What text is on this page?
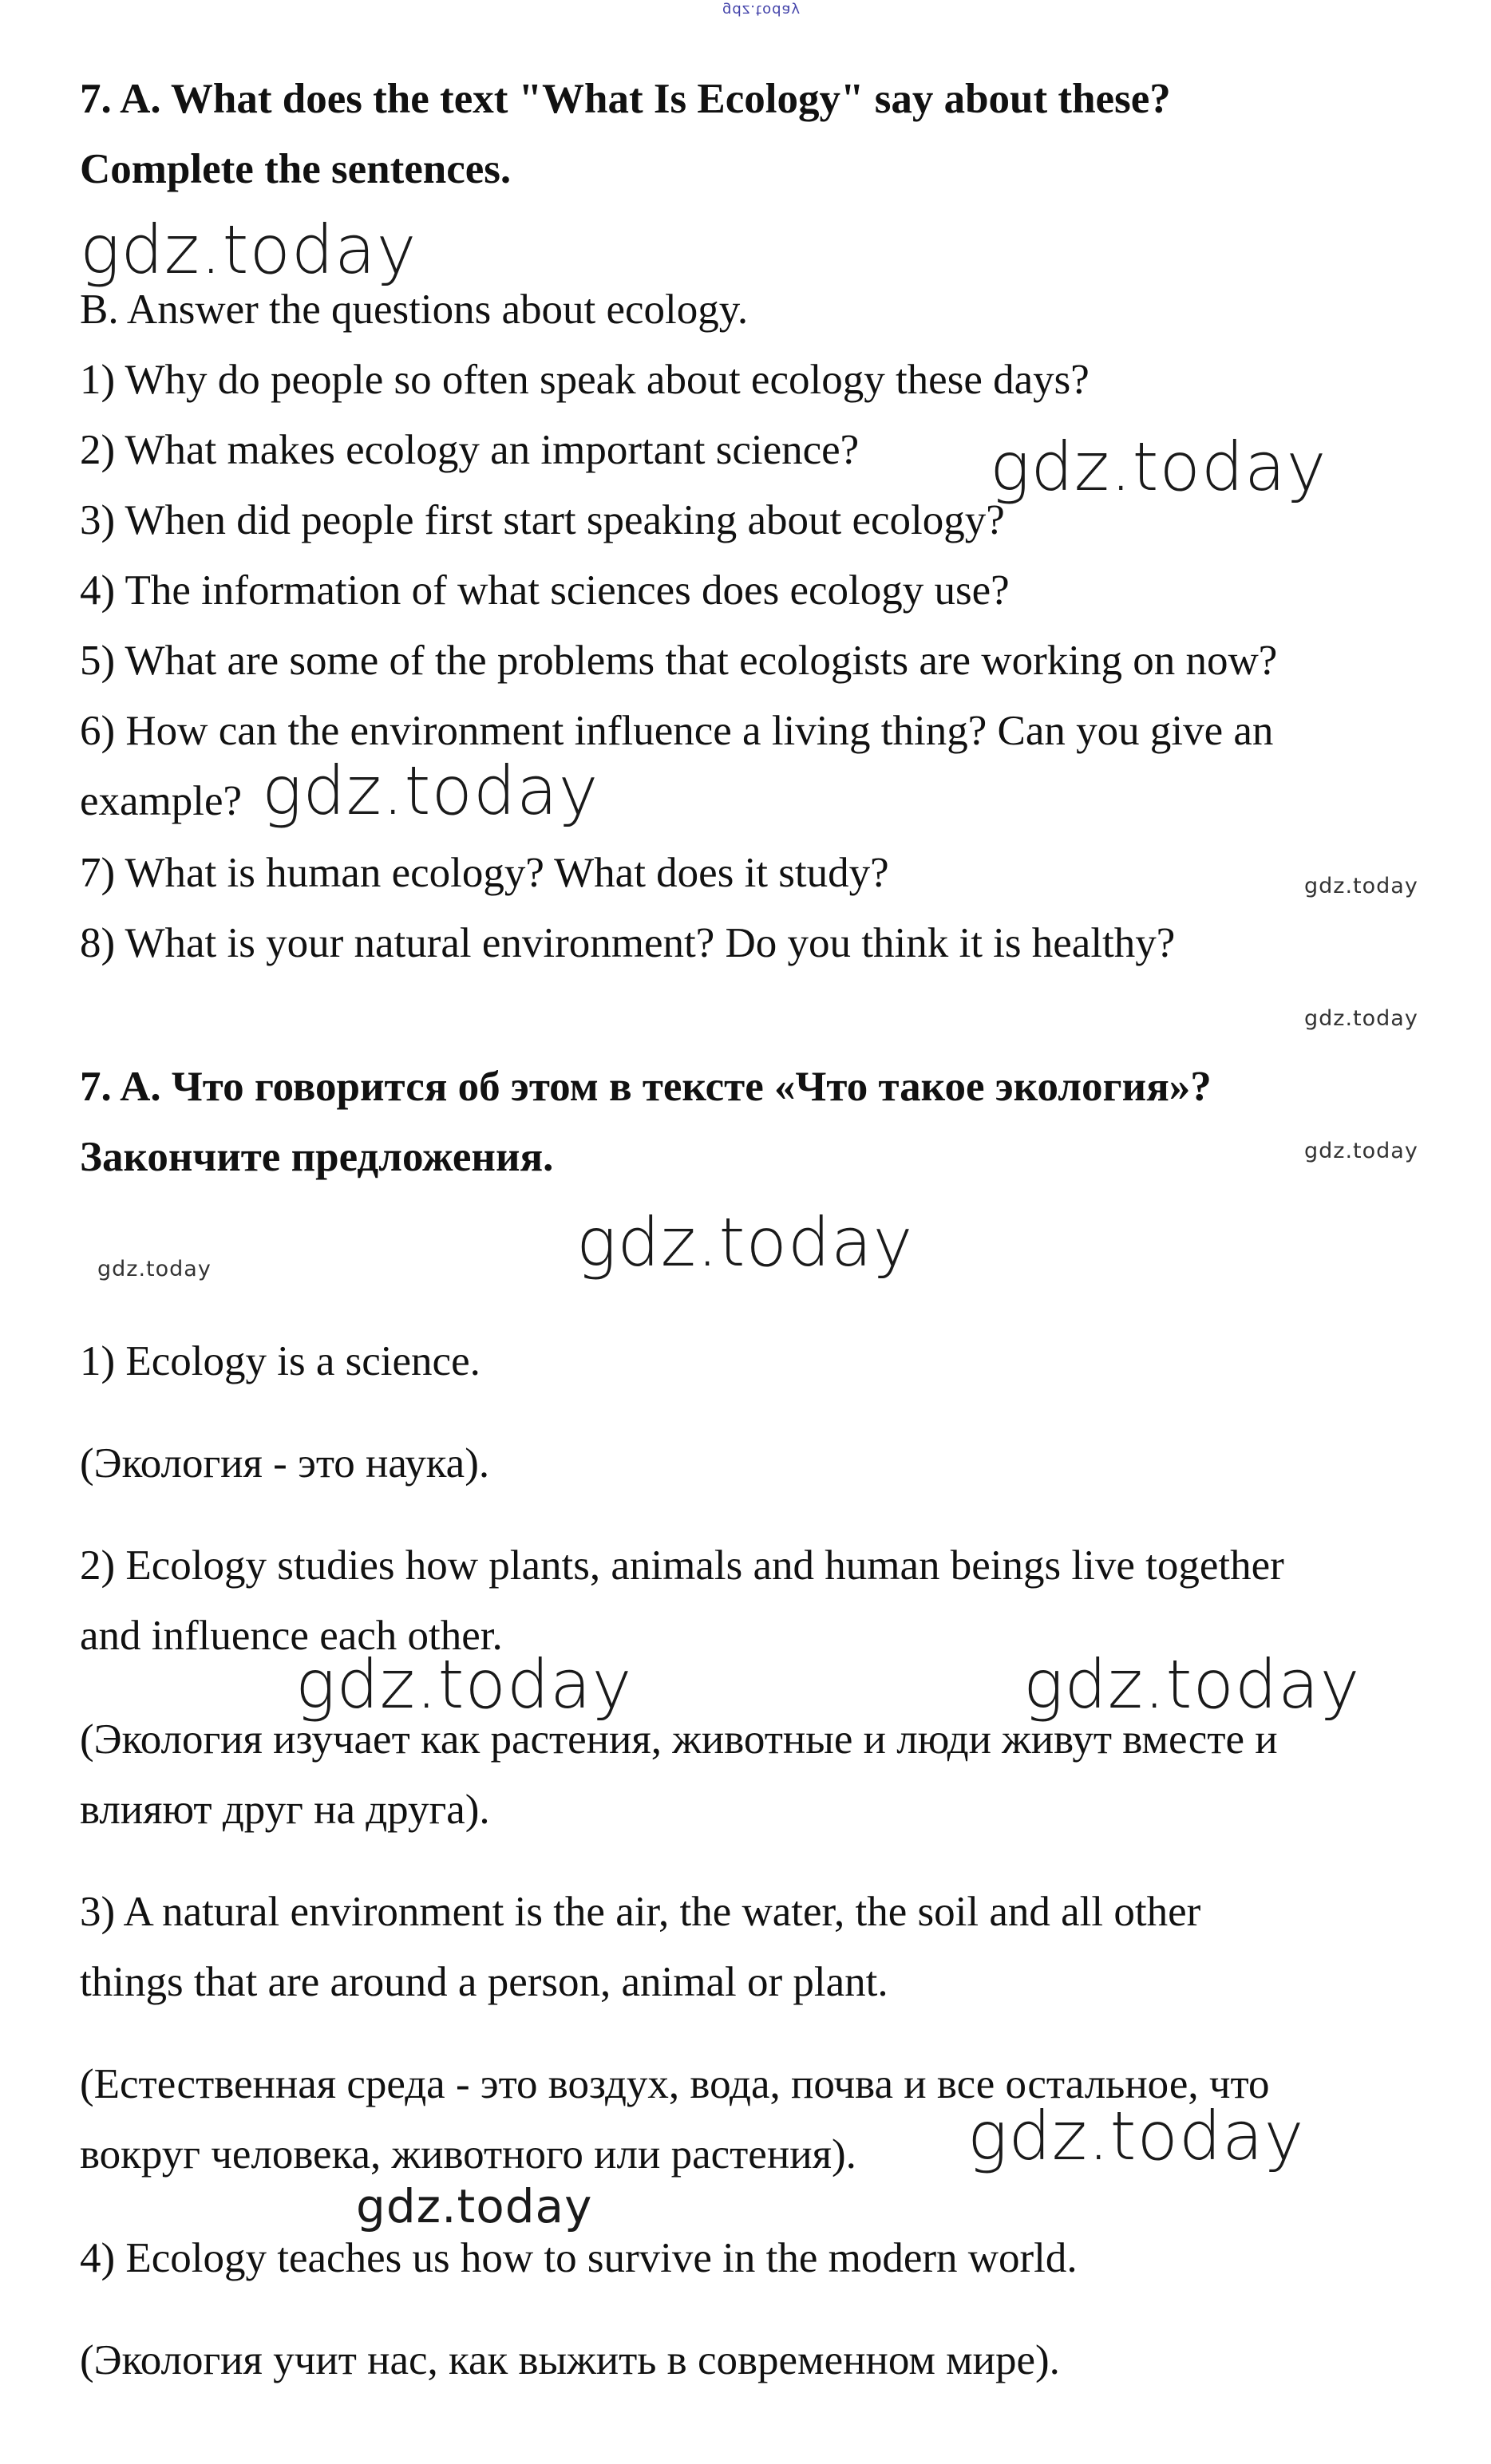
gdz.today
7. A. What does the text "What Is Ecology" say about these?
Complete the sentences.
gdz.today
B. Answer the questions about ecology.
1) Why do people so often speak about ecology these days?
2) What makes ecology an important science? gdz.today
3) When did people first start speaking about ecology?
4) The information of what sciences does ecology use?
5) What are some of the problems that ecologists are working on now?
6) How can the environment influence a living thing? Can you give an
example? gdz.today
7) What is human ecology? What does it study?	gdz.today
8) What is your natural environment? Do you think it is healthy?
gdz.today
7. A. Что говорится об этом в тексте «Что такое экология»?
Закончите предложения.	gdz.today
gdz.today
gdz.today
1) Ecology is a science.
(Экология - это наука).
2) Ecology studies how plants, animals and human beings live together
and influence each other.
gdz.today	gdz.today
(Экология изучает как растения, животные и люди живут вместе и
влияют друг на друга).
3) A natural environment is the air, the water, the soil and all other
things that are around a person, animal or plant.
(Естественная среда - это воздух, вода, почва и все остальное, что
вокруг человека, животного или растения). gdz.today
gdz.today
4) Ecology teaches us how to survive in the modern world.
(Экология учит нас, как выжить в современном мире).
